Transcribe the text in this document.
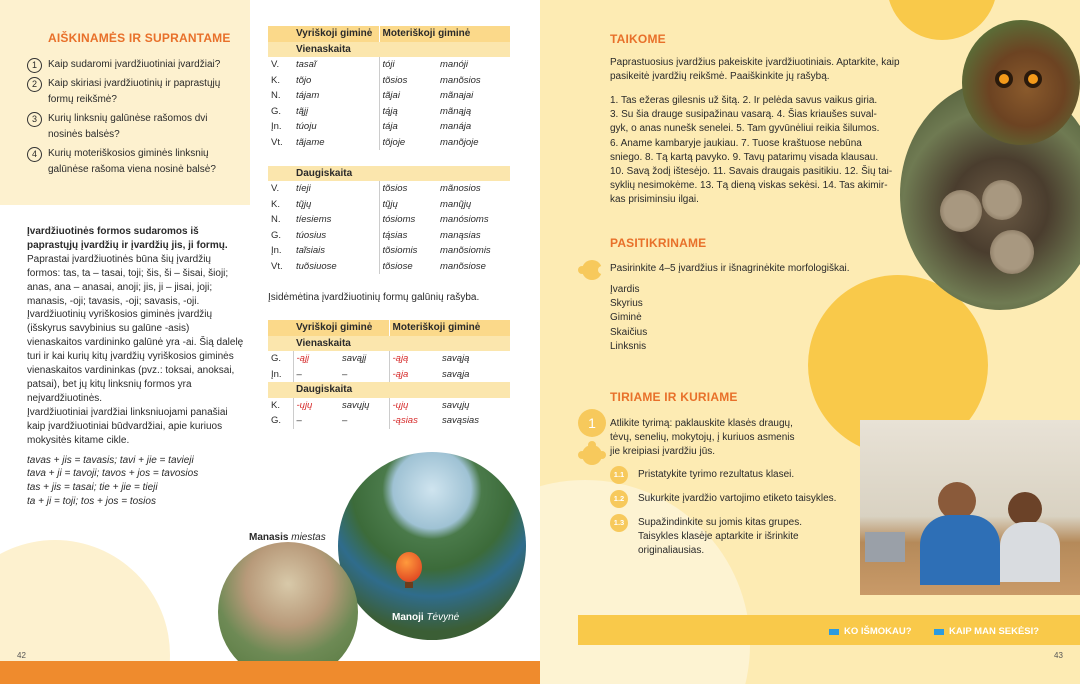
AIŠKINAMĖS IR SUPRANTAME
1	Kaip sudaromi įvardžiuotiniai įvardžiai?
2	Kaip skiriasi įvardžiuotinių ir paprastųjų formų reikšmė?
3	Kurių linksnių galūnėse rašomos dvi nosinės balsės?
4	Kurių moteriškosios giminės linksnių galūnėse rašoma viena nosinė balsė?

Įvardžiuotinės formos sudaromos iš paprastųjų įvardžių ir įvardžių jis, ji formų.

Paprastai įvardžiuotinės būna šių įvardžių formos: tas, ta – tasai, toji; šis, ši – šisai, šioji;

anas, ana – anasai, anoji; jis, ji – jisai, joji;

manasis, -oji; tavasis, -oji; savasis, -oji.

Įvardžiuotinių vyriškosios giminės įvardžių (išskyrus savybinius su galūne -asis) vienaskaitos vardininko galūnė yra -ai. Šią dalelę turi ir kai kurių kitų įvardžių vyriškosios giminės vienaskaitos vardininkas (pvz.: toksai, anoksai, patsai), bet jų kitų linksnių formos yra neįvardžiuotinės.

Įvardžiuotiniai įvardžiai linksniuojami panašiai kaip įvardžiuotiniai būdvardžiai, apie kuriuos mokysitės kitame cikle.

tavas + jis = tavasis; tavi + jie = tavieji

tava + ji = tavoji; tavos + jos = tavosios

tas + jis = tasai; tie + jie = tieji

ta + ji = toji; tos + jos = tosios

	Vyriškoji giminė	Moteriškoji giminė	
	Vienaskaita		
V.	tasaĩ	tóji	manóji
K.	tõjo	tõsios	manõsios
N.	tájam	tãjai	mãnajai
G.	tą̃jį	tą́ją	mãnąją
Įn.	túoju	tája	manája
Vt.	tãjame	tõjoje	manõjoje

	Daugiskaita		
V.	tíeji	tõsios	mãnosios
K.	tų̃jų	tų̃jų	manų̃jų
N.	tíesiems	tósioms	manósioms
G.	túosius	tą́sias	manąsias
Įn.	taĩsiais	tõsiomis	manõsiomis
Vt.	tuõsiuose	tõsiose	manõsiose
Įsidėmėtina įvardžiuotinių formų galūnių rašyba.
	Vyriškoji giminė		Moteriškoji giminė	
	Vienaskaita			
G.	-ąjį	savąjį	-ąją	savąją
Įn.	–	–	-ąja	savąja
	Daugiskaita			
K.	-ųjų	savųjų	-ųjų	savųjų
G.	–	–	-ąsias	savąsias
Manasis miestas
Manoji Tėvynė
42
TAIKOME
Paprastuosius įvardžius pakeiskite įvardžiuotiniais. Aptarkite, kaip pasikeitė įvardžių reikšmė. Paaiškinkite jų rašybą.
1. Tas ežeras gilesnis už šitą. 2. Ir pelėda savus vaikus giria.
3. Su šia drauge susipažinau vasarą. 4. Šias kriaušes suval-
gyk, o anas nunešk senelei. 5. Tam gyvūnėliui reikia šilumos.
6. Aname kambaryje jaukiau. 7. Tuose kraštuose nebūna
sniego. 8. Tą kartą pavyko. 9. Tavų patarimų visada klausau.
10. Savą žodį ištesėjo. 11. Savais draugais pasitikiu. 12. Šių tai-
syklių nesimokėme. 13. Tą dieną viskas sekėsi. 14. Tas akimir-
kas prisiminsiu ilgai.
PASITIKRINAME
Pasirinkite 4–5 įvardžius ir išnagrinėkite morfologiškai.
Įvardis
Skyrius
Giminė
Skaičius
Linksnis
TIRIAME IR KURIAME
1	Atlikite tyrimą: paklauskite klasės draugų,
tėvų, senelių, mokytojų, į kuriuos asmenis
jie kreipiasi įvardžiu jūs.
1.1	Pristatykite tyrimo rezultatus klasei.
1.2	Sukurkite įvardžio vartojimo etiketo taisykles.
1.3	Supažindinkite su jomis kitas grupes. Taisykles klasėje aptarkite ir išrinkite originaliausias.
KO IŠMOKAU?	KAIP MAN SEKĖSI?
43
